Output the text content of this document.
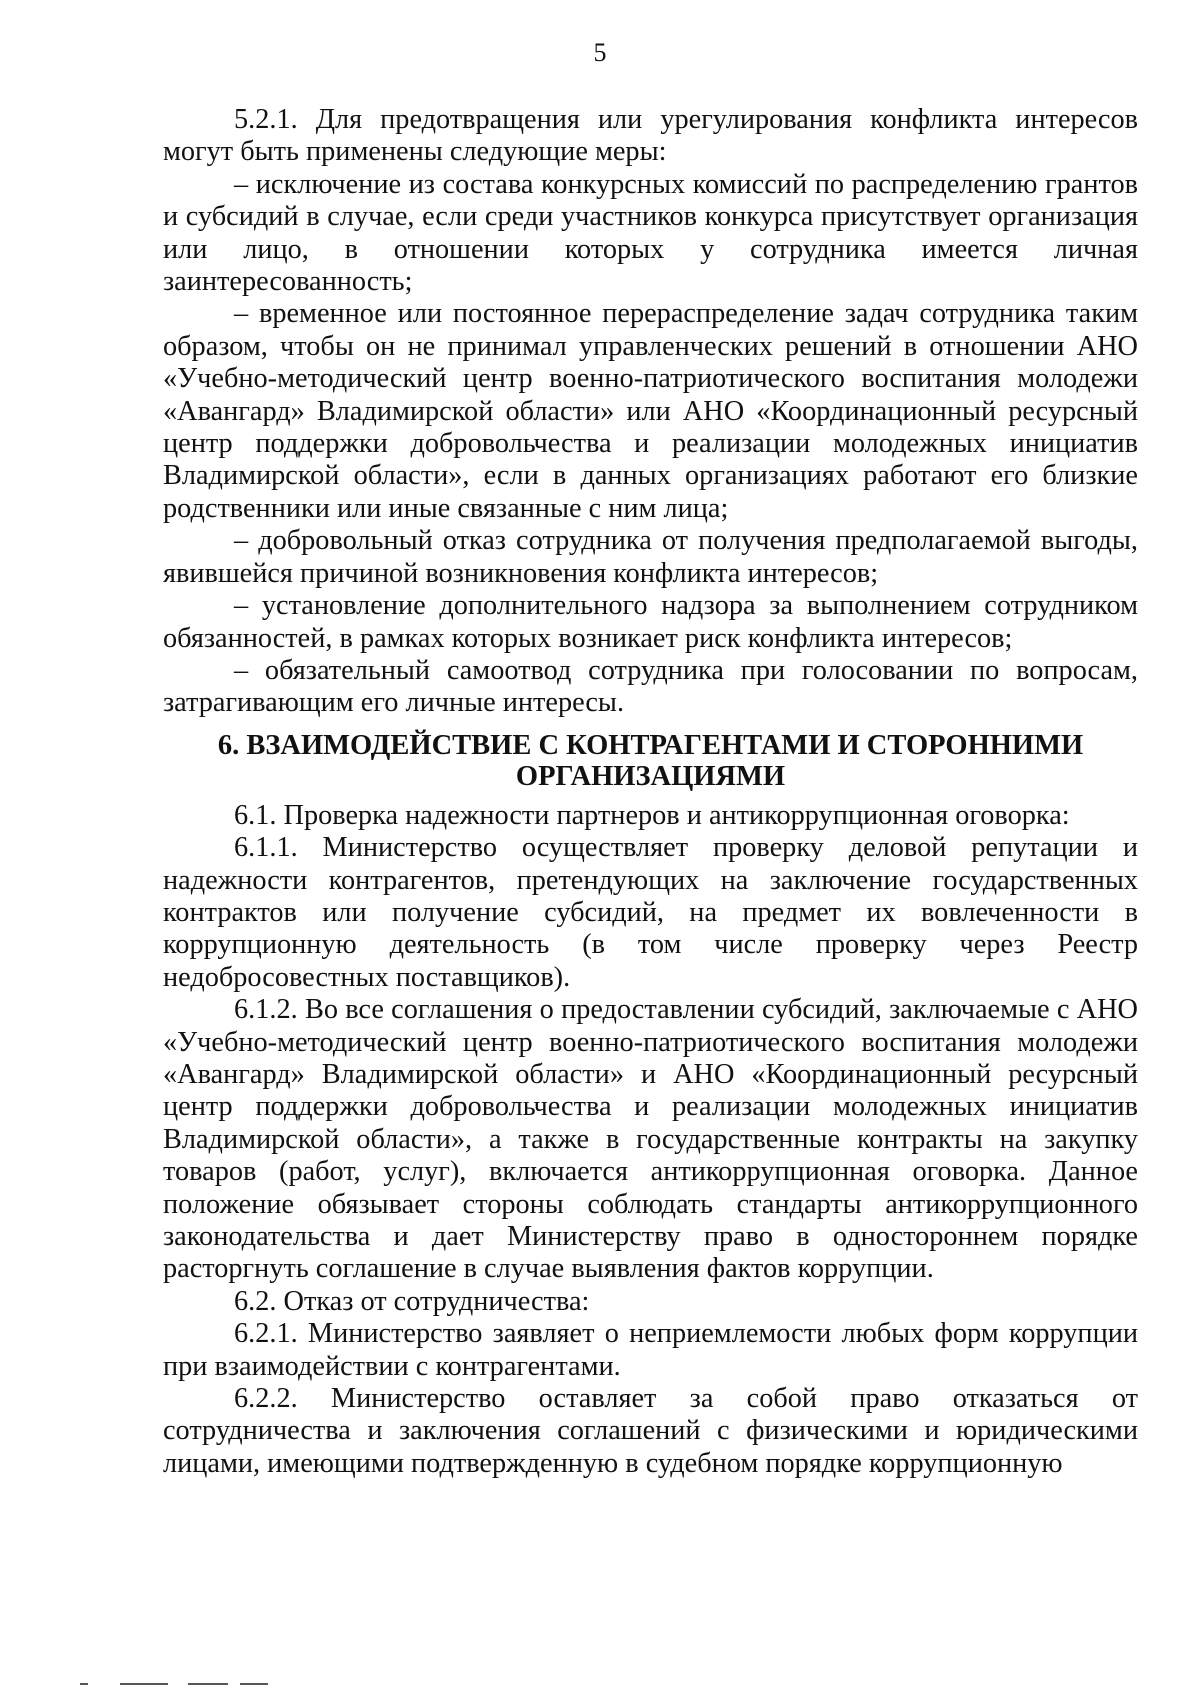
5

5.2.1. Для предотвращения или урегулирования конфликта интересов могут быть применены следующие меры:

– исключение из состава конкурсных комиссий по распределению грантов и субсидий в случае, если среди участников конкурса присутствует организация или лицо, в отношении которых у сотрудника имеется личная заинтересованность;

– временное или постоянное перераспределение задач сотрудника таким образом, чтобы он не принимал управленческих решений в отношении АНО «Учебно-методический центр военно-патриотического воспитания молодежи «Авангард» Владимирской области» или АНО «Координационный ресурсный центр поддержки добровольчества и реализации молодежных инициатив Владимирской области», если в данных организациях работают его близкие родственники или иные связанные с ним лица;

– добровольный отказ сотрудника от получения предполагаемой выгоды, явившейся причиной возникновения конфликта интересов;

– установление дополнительного надзора за выполнением сотрудником обязанностей, в рамках которых возникает риск конфликта интересов;

– обязательный самоотвод сотрудника при голосовании по вопросам, затрагивающим его личные интересы.

6. ВЗАИМОДЕЙСТВИЕ С КОНТРАГЕНТАМИ И СТОРОННИМИ
ОРГАНИЗАЦИЯМИ

6.1. Проверка надежности партнеров и антикоррупционная оговорка:

6.1.1. Министерство осуществляет проверку деловой репутации и надежности контрагентов, претендующих на заключение государственных контрактов или получение субсидий, на предмет их вовлеченности в коррупционную деятельность (в том числе проверку через Реестр недобросовестных поставщиков).

6.1.2. Во все соглашения о предоставлении субсидий, заключаемые с АНО «Учебно-методический центр военно-патриотического воспитания молодежи «Авангард» Владимирской области» и АНО «Координационный ресурсный центр поддержки добровольчества и реализации молодежных инициатив Владимирской области», а также в государственные контракты на закупку товаров (работ, услуг), включается антикоррупционная оговорка. Данное положение обязывает стороны соблюдать стандарты антикоррупционного законодательства и дает Министерству право в одностороннем порядке расторгнуть соглашение в случае выявления фактов коррупции.

6.2. Отказ от сотрудничества:

6.2.1. Министерство заявляет о неприемлемости любых форм коррупции при взаимодействии с контрагентами.

6.2.2. Министерство оставляет за собой право отказаться от сотрудничества и заключения соглашений с физическими и юридическими лицами, имеющими подтвержденную в судебном порядке коррупционную
